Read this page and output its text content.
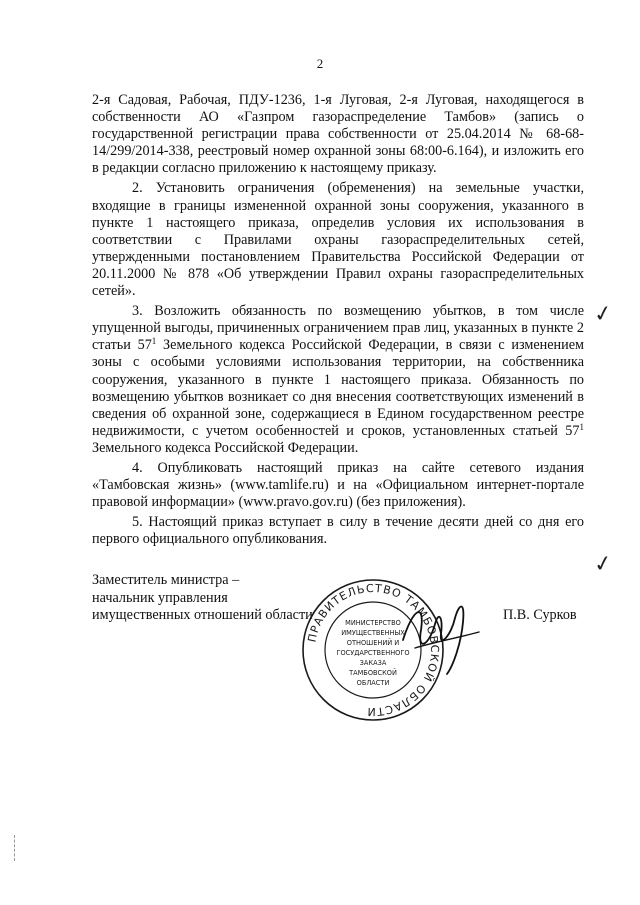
2

2-я Садовая, Рабочая, ПДУ-1236, 1-я Луговая, 2-я Луговая, находящегося в собственности АО «Газпром газораспределение Тамбов» (запись о государственной регистрации права собственности от 25.04.2014 № 68-68-14/299/2014-338, реестровый номер охранной зоны 68:00-6.164), и изложить его в редакции согласно приложению к настоящему приказу.

2. Установить ограничения (обременения) на земельные участки, входящие в границы измененной охранной зоны сооружения, указанного в пункте 1 настоящего приказа, определив условия их использования в соответствии с Правилами охраны газораспределительных сетей, утвержденными постановлением Правительства Российской Федерации от 20.11.2000 № 878 «Об утверждении Правил охраны газораспределительных сетей».

3. Возложить обязанность по возмещению убытков, в том числе упущенной выгоды, причиненных ограничением прав лиц, указанных в пункте 2 статьи $57^1$ Земельного кодекса Российской Федерации, в связи с изменением зоны с особыми условиями использования территории, на собственника сооружения, указанного в пункте 1 настоящего приказа. Обязанность по возмещению убытков возникает со дня внесения соответствующих изменений в сведения об охранной зоне, содержащиеся в Едином государственном реестре недвижимости, с учетом особенностей и сроков, установленных статьей $57^1$ Земельного кодекса Российской Федерации.

4. Опубликовать настоящий приказ на сайте сетевого издания «Тамбовская жизнь» (www.tamlife.ru) и на «Официальном интернет-портале правовой информации» (www.pravo.gov.ru) (без приложения).

5. Настоящий приказ вступает в силу в течение десяти дней со дня его первого официального опубликования.

Заместитель министра –
начальник управления
имущественных отношений области
ПРАВИТЕЛЬСТВО ТАМБОВСКОЙ ОБЛАСТИ
МИНИСТЕРСТВО
ИМУЩЕСТВЕННЫХ
ОТНОШЕНИЙ И
ГОСУДАРСТВЕННОГО
ЗАКАЗА
ТАМБОВСКОЙ
ОБЛАСТИ
П.В. Сурков
✓
✓
